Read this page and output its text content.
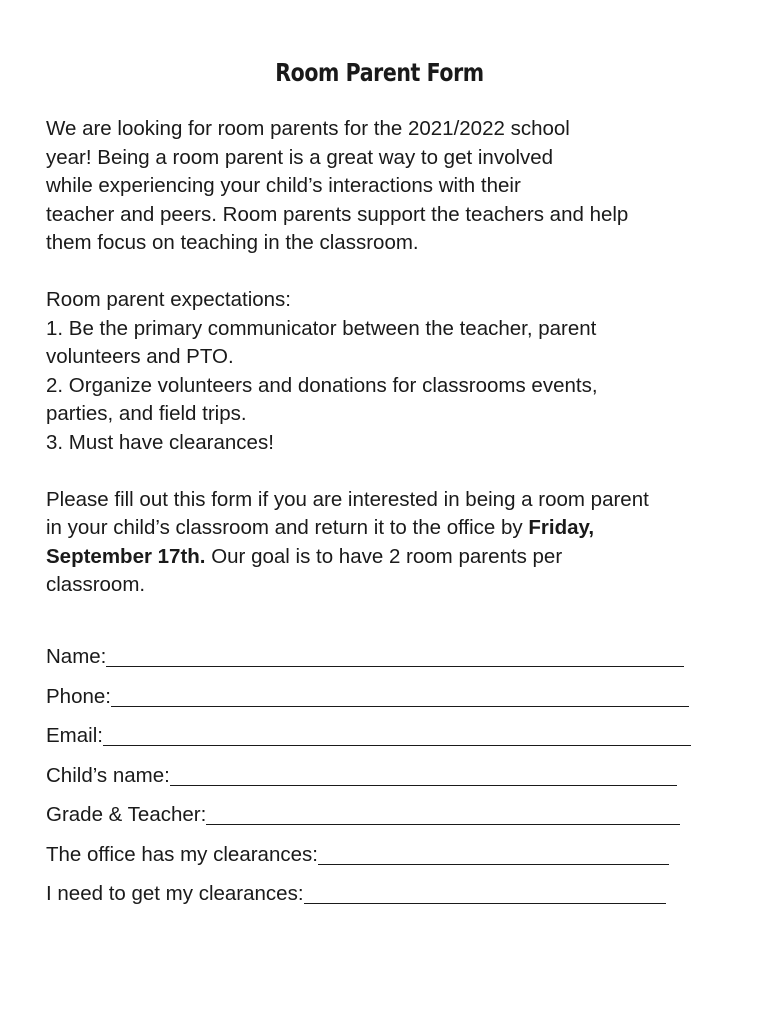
Room Parent Form

We are looking for room parents for the 2021/2022 school
year! Being a room parent is a great way to get involved
while experiencing your child’s interactions with their
teacher and peers. Room parents support the teachers and help
them focus on teaching in the classroom.

Room parent expectations:
1. Be the primary communicator between the teacher, parent
volunteers and PTO.
2. Organize volunteers and donations for classrooms events,
parties, and field trips.
3. Must have clearances!

Please fill out this form if you are interested in being a room parent
in your child’s classroom and return it to the office by Friday,
September 17th. Our goal is to have 2 room parents per
classroom.

Name:
Phone:
Email:
Child’s name:
Grade & Teacher:
The office has my clearances:
I need to get my clearances:
